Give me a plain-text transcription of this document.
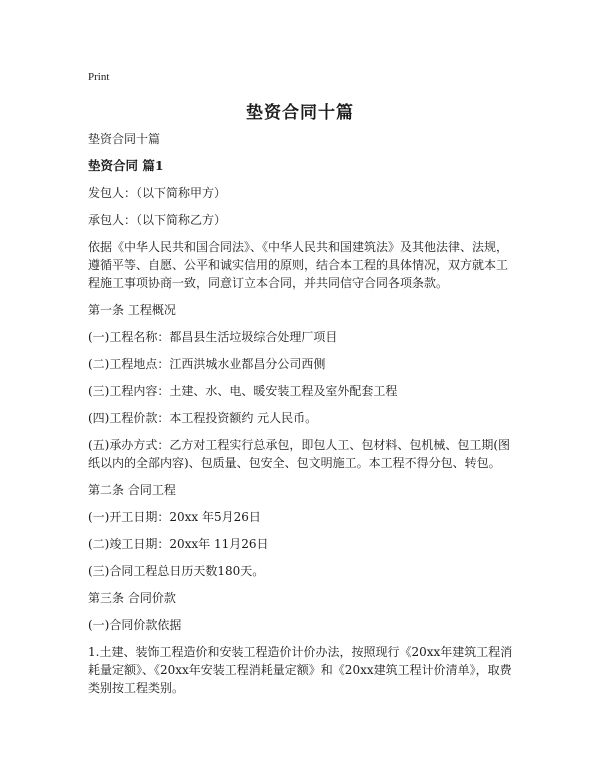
Print
垫资合同十篇
垫资合同十篇
垫资合同 篇1
发包人：（以下简称甲方）
承包人：（以下简称乙方）
依据《中华人民共和国合同法》、《中华人民共和国建筑法》及其他法律、法规，遵循平等、自愿、公平和诚实信用的原则，结合本工程的具体情况，双方就本工程施工事项协商一致，同意订立本合同，并共同信守合同各项条款。
第一条 工程概况
(一)工程名称：都昌县生活垃圾综合处理厂项目
(二)工程地点：江西洪城水业都昌分公司西侧
(三)工程内容：土建、水、电、暖安装工程及室外配套工程
(四)工程价款：本工程投资额约 元人民币。
(五)承办方式：乙方对工程实行总承包，即包人工、包材料、包机械、包工期(图纸以内的全部内容)、包质量、包安全、包文明施工。本工程不得分包、转包。
第二条 合同工程
(一)开工日期：20xx 年5月26日
(二)竣工日期：20xx年 11月26日
(三)合同工程总日历天数180天。
第三条 合同价款
(一)合同价款依据
1.土建、装饰工程造价和安装工程造价计价办法，按照现行《20xx年建筑工程消耗量定额》、《20xx年安装工程消耗量定额》和《20xx建筑工程计价清单》，取费类别按工程类别。
